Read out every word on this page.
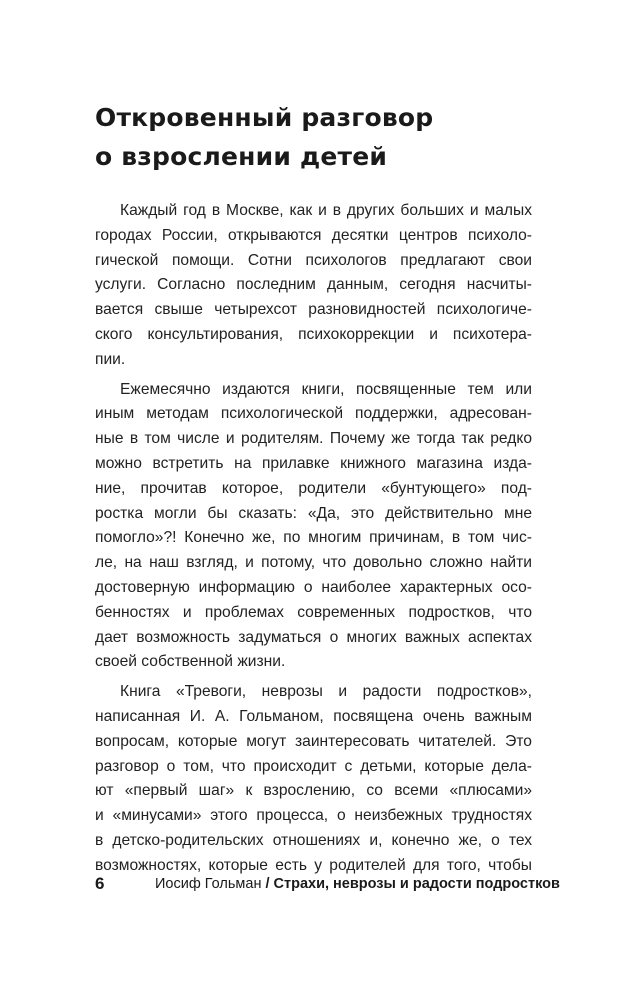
Откровенный разговор
о взрослении детей

Каждый год в Москве, как и в других больших и малых
городах России, открываются десятки центров психоло-
гической помощи. Сотни психологов предлагают свои
услуги. Согласно последним данным, сегодня насчиты-
вается свыше четырехсот разновидностей психологиче-
ского консультирования, психокоррекции и психотера-
пии.

Ежемесячно издаются книги, посвященные тем или
иным методам психологической поддержки, адресован-
ные в том числе и родителям. Почему же тогда так редко
можно встретить на прилавке книжного магазина изда-
ние, прочитав которое, родители «бунтующего» под-
ростка могли бы сказать: «Да, это действительно мне
помогло»?! Конечно же, по многим причинам, в том чис-
ле, на наш взгляд, и потому, что довольно сложно найти
достоверную информацию о наиболее характерных осо-
бенностях и проблемах современных подростков, что
дает возможность задуматься о многих важных аспектах
своей собственной жизни.

Книга «Тревоги, неврозы и радости подростков»,
написанная И. А. Гольманом, посвящена очень важным
вопросам, которые могут заинтересовать читателей. Это
разговор о том, что происходит с детьми, которые дела-
ют «первый шаг» к взрослению, со всеми «плюсами»
и «минусами» этого процесса, о неизбежных трудностях
в детско-родительских отношениях и, конечно же, о тех
возможностях, которые есть у родителей для того, чтобы

6	Иосиф Гольман / Страхи, неврозы и радости подростков
